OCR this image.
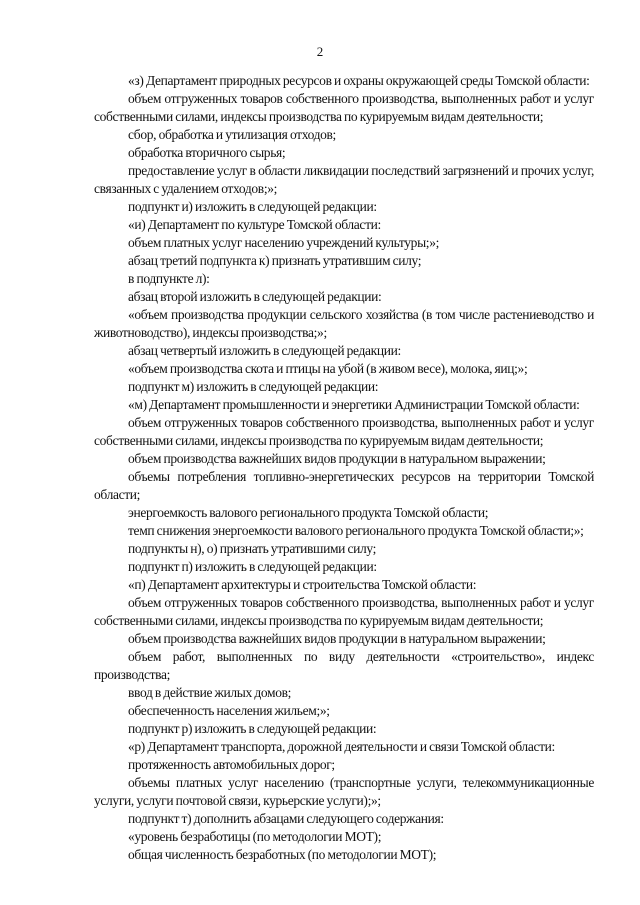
2

«з) Департамент природных ресурсов и охраны окружающей среды Томской области:

объем отгруженных товаров собственного производства, выполненных работ и услуг собственными силами, индексы производства по курируемым видам деятельности;

сбор, обработка и утилизация отходов;

обработка вторичного сырья;

предоставление услуг в области ликвидации последствий загрязнений и прочих услуг, связанных с удалением отходов;»;

подпункт и) изложить в следующей редакции:

«и) Департамент по культуре Томской области:

объем платных услуг населению учреждений культуры;»;

абзац третий подпункта к) признать утратившим силу;

в подпункте л):

абзац второй изложить в следующей редакции:

«объем производства продукции сельского хозяйства (в том числе растениеводство и животноводство), индексы производства;»;

абзац четвертый изложить в следующей редакции:

«объем производства скота и птицы на убой (в живом весе), молока, яиц;»;

подпункт м) изложить в следующей редакции:

«м) Департамент промышленности и энергетики Администрации Томской области:

объем отгруженных товаров собственного производства, выполненных работ и услуг собственными силами, индексы производства по курируемым видам деятельности;

объем производства важнейших видов продукции в натуральном выражении;

объемы потребления топливно-энергетических ресурсов на территории Томской области;

энергоемкость валового регионального продукта Томской области;

темп снижения энергоемкости валового регионального продукта Томской области;»;

подпункты н), о) признать утратившими силу;

подпункт п) изложить в следующей редакции:

«п) Департамент архитектуры и строительства Томской области:

объем отгруженных товаров собственного производства, выполненных работ и услуг собственными силами, индексы производства по курируемым видам деятельности;

объем производства важнейших видов продукции в натуральном выражении;

объем работ, выполненных по виду деятельности «строительство», индекс производства;

ввод в действие жилых домов;

обеспеченность населения жильем;»;

подпункт р) изложить в следующей редакции:

«р) Департамент транспорта, дорожной деятельности и связи Томской области:

протяженность автомобильных дорог;

объемы платных услуг населению (транспортные услуги, телекоммуникационные услуги, услуги почтовой связи, курьерские услуги);»;

подпункт т) дополнить абзацами следующего содержания:

«уровень безработицы (по методологии МОТ);

общая численность безработных (по методологии МОТ);
